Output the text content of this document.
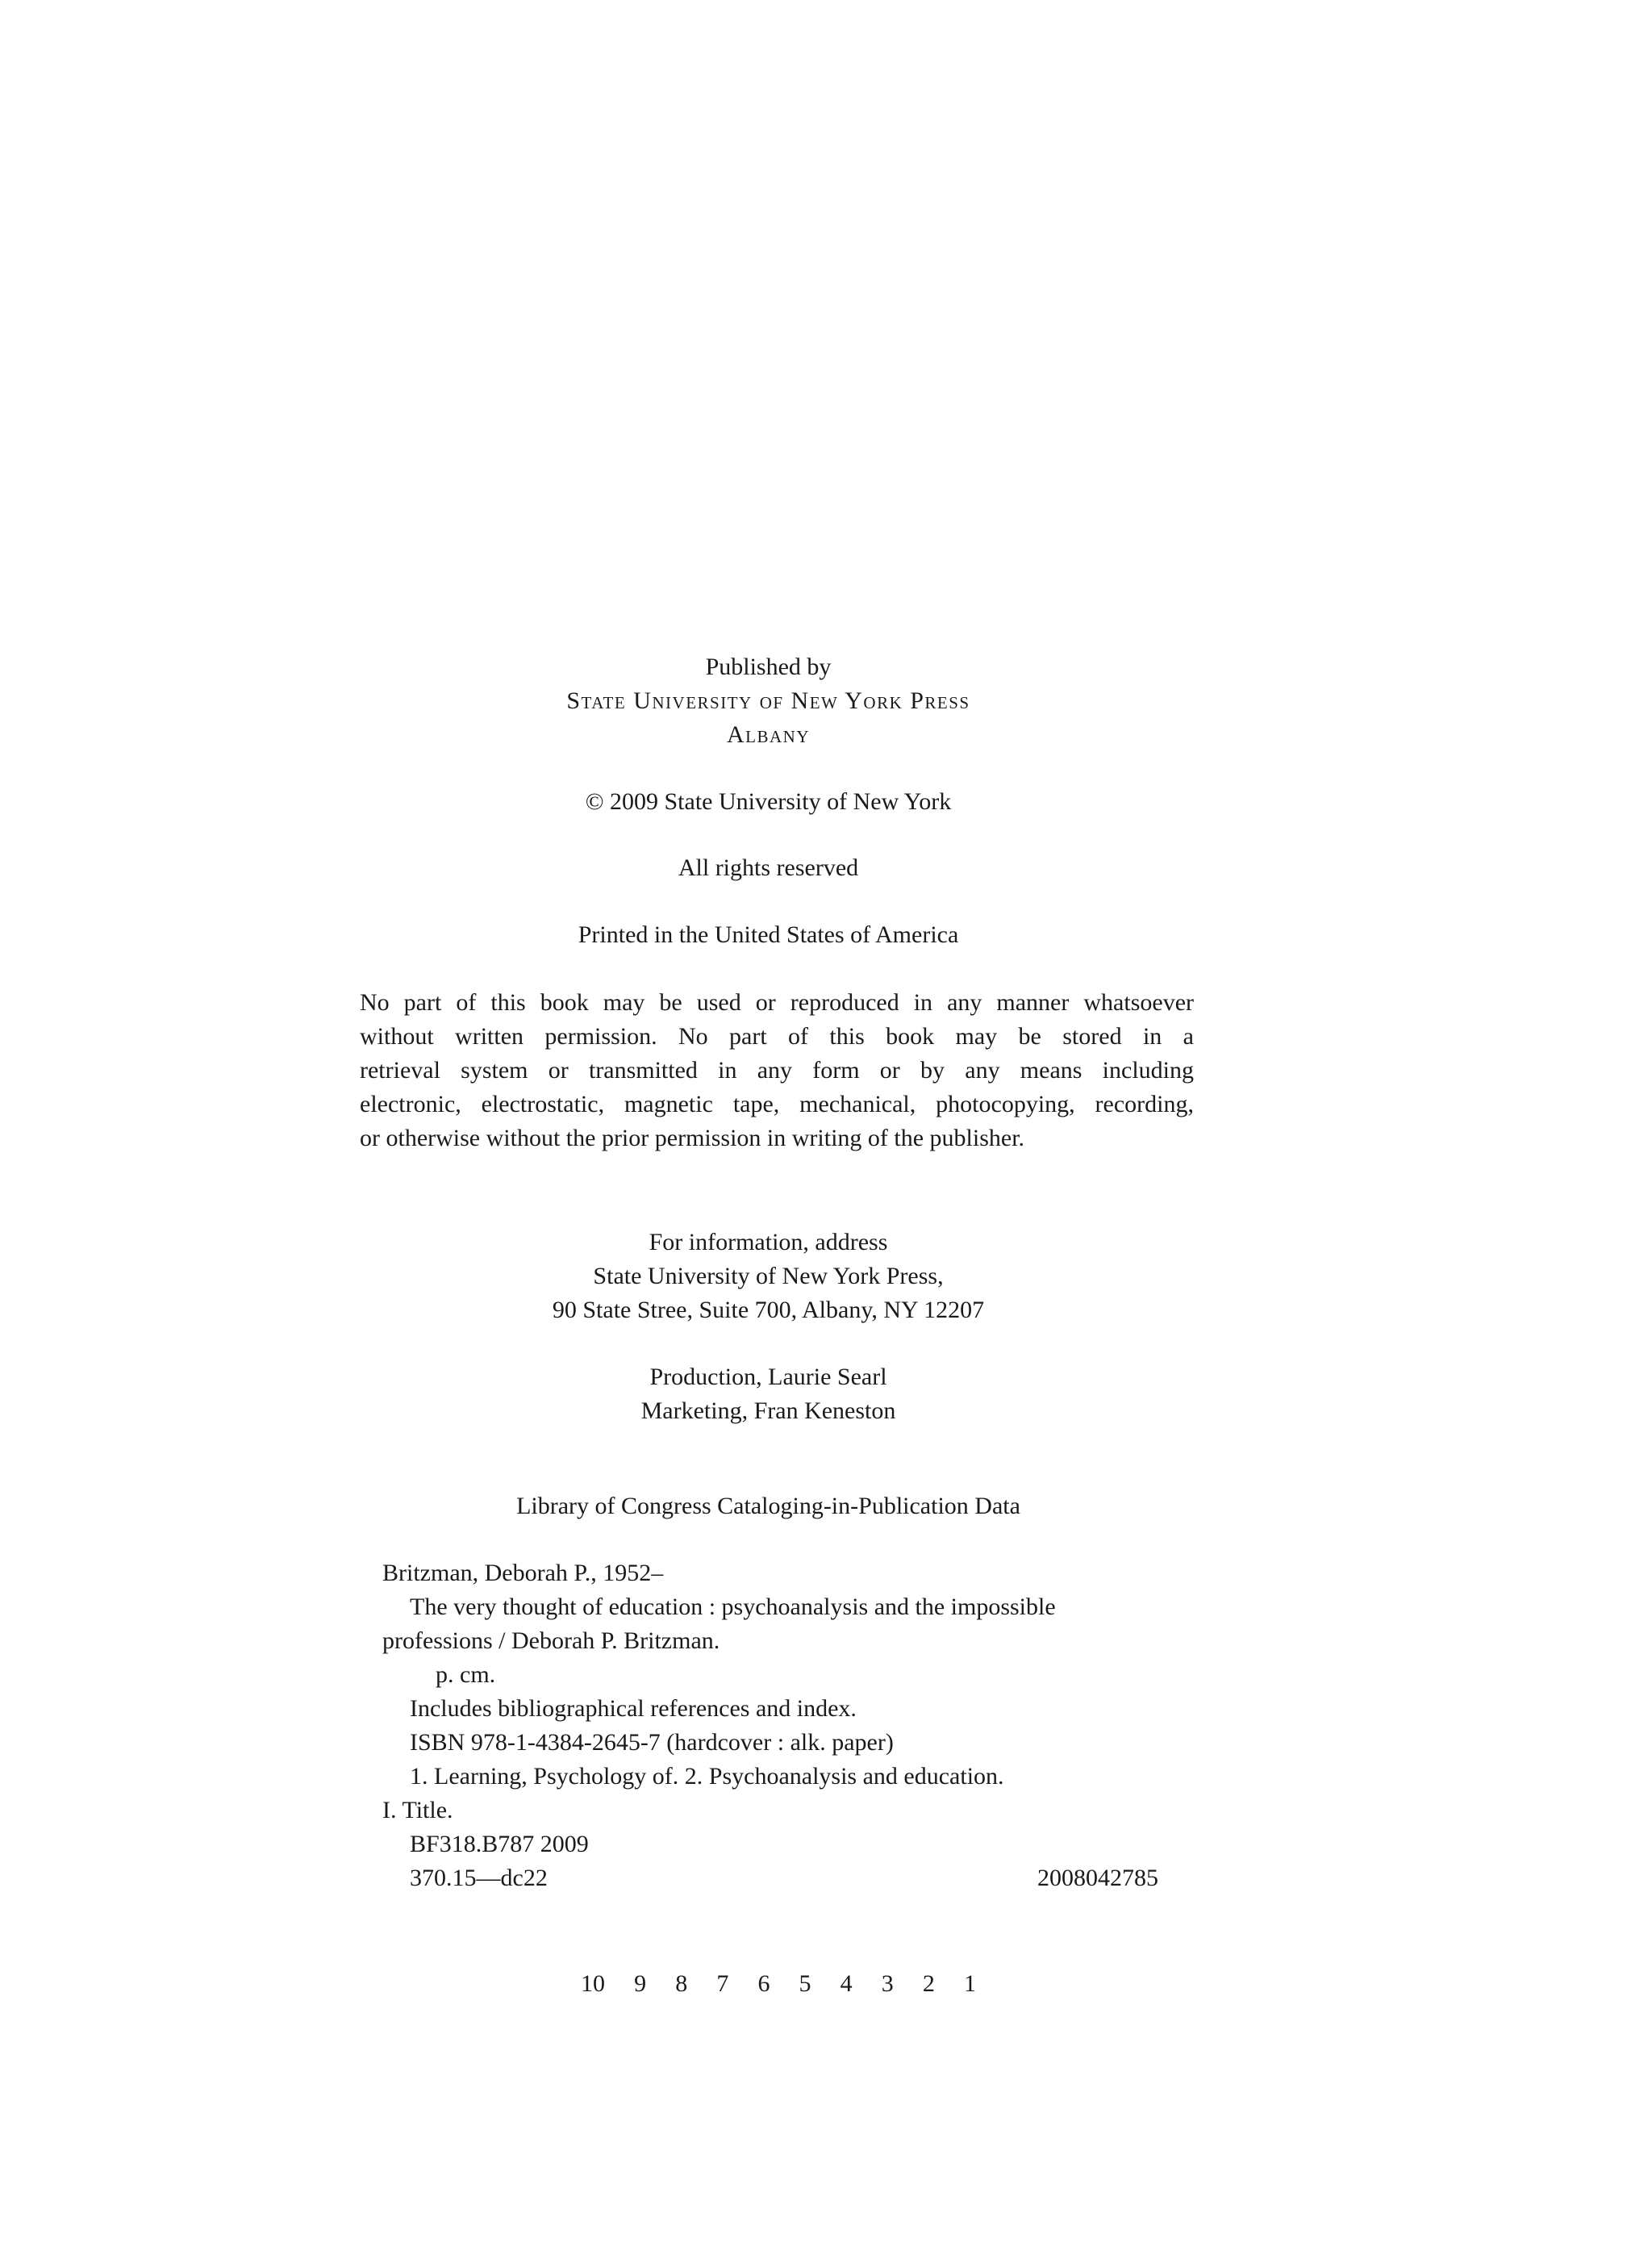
Published by
State University of New York Press
Albany
© 2009 State University of New York
All rights reserved
Printed in the United States of America
No part of this book may be used or reproduced in any manner whatsoever
without written permission. No part of this book may be stored in a
retrieval system or transmitted in any form or by any means including
electronic, electrostatic, magnetic tape, mechanical, photocopying, recording,
or otherwise without the prior permission in writing of the publisher.
For information, address
State University of New York Press,
90 State Stree, Suite 700, Albany, NY 12207
Production, Laurie Searl
Marketing, Fran Keneston
Library of Congress Cataloging-in-Publication Data
Britzman, Deborah P., 1952–
The very thought of education : psychoanalysis and the impossible
professions / Deborah P. Britzman.
p. cm.
Includes bibliographical references and index.
ISBN 978-1-4384-2645-7 (hardcover : alk. paper)
1. Learning, Psychology of. 2. Psychoanalysis and education.
I. Title.
BF318.B787 2009
370.15—dc22	2008042785
10 9 8 7 6 5 4 3 2 1
